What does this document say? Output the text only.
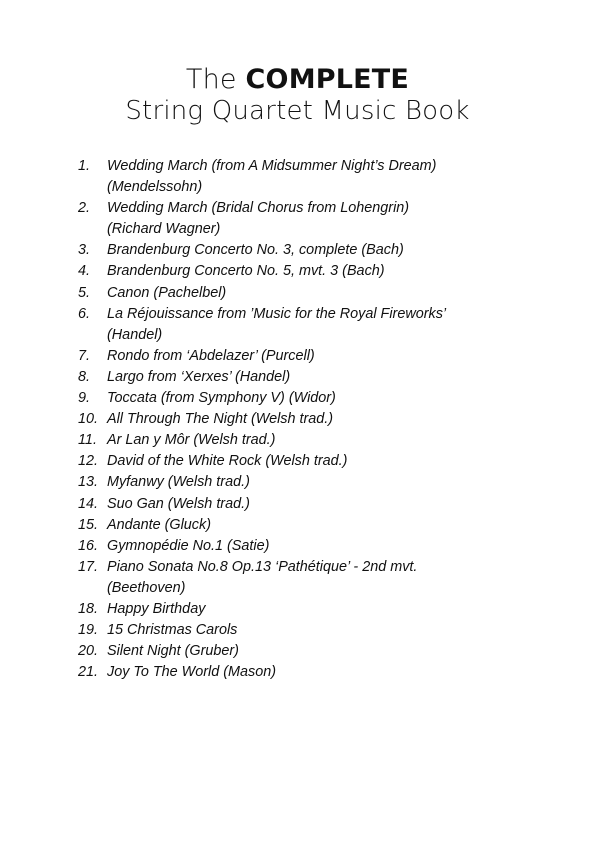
The COMPLETE
String Quartet Music Book
1.	Wedding March (from A Midsummer Night’s Dream)
(Mendelssohn)
2.	Wedding March (Bridal Chorus from Lohengrin)
(Richard Wagner)
3.	Brandenburg Concerto No. 3, complete (Bach)
4.	Brandenburg Concerto No. 5, mvt. 3 (Bach)
5.	Canon (Pachelbel)
6.	La Réjouissance from ’Music for the Royal Fireworks’
(Handel)
7.	Rondo from ‘Abdelazer’ (Purcell)
8.	Largo from ‘Xerxes’ (Handel)
9.	Toccata (from Symphony V) (Widor)
10. All Through The Night (Welsh trad.)
11. Ar Lan y Môr (Welsh trad.)
12. David of the White Rock (Welsh trad.)
13. Myfanwy (Welsh trad.)
14. Suo Gan (Welsh trad.)
15. Andante (Gluck)
16. Gymnopédie No.1 (Satie)
17. Piano Sonata No.8 Op.13 ‘Pathétique’ - 2nd mvt.
(Beethoven)
18. Happy Birthday
19. 15 Christmas Carols
20. Silent Night (Gruber)
21. Joy To The World (Mason)
